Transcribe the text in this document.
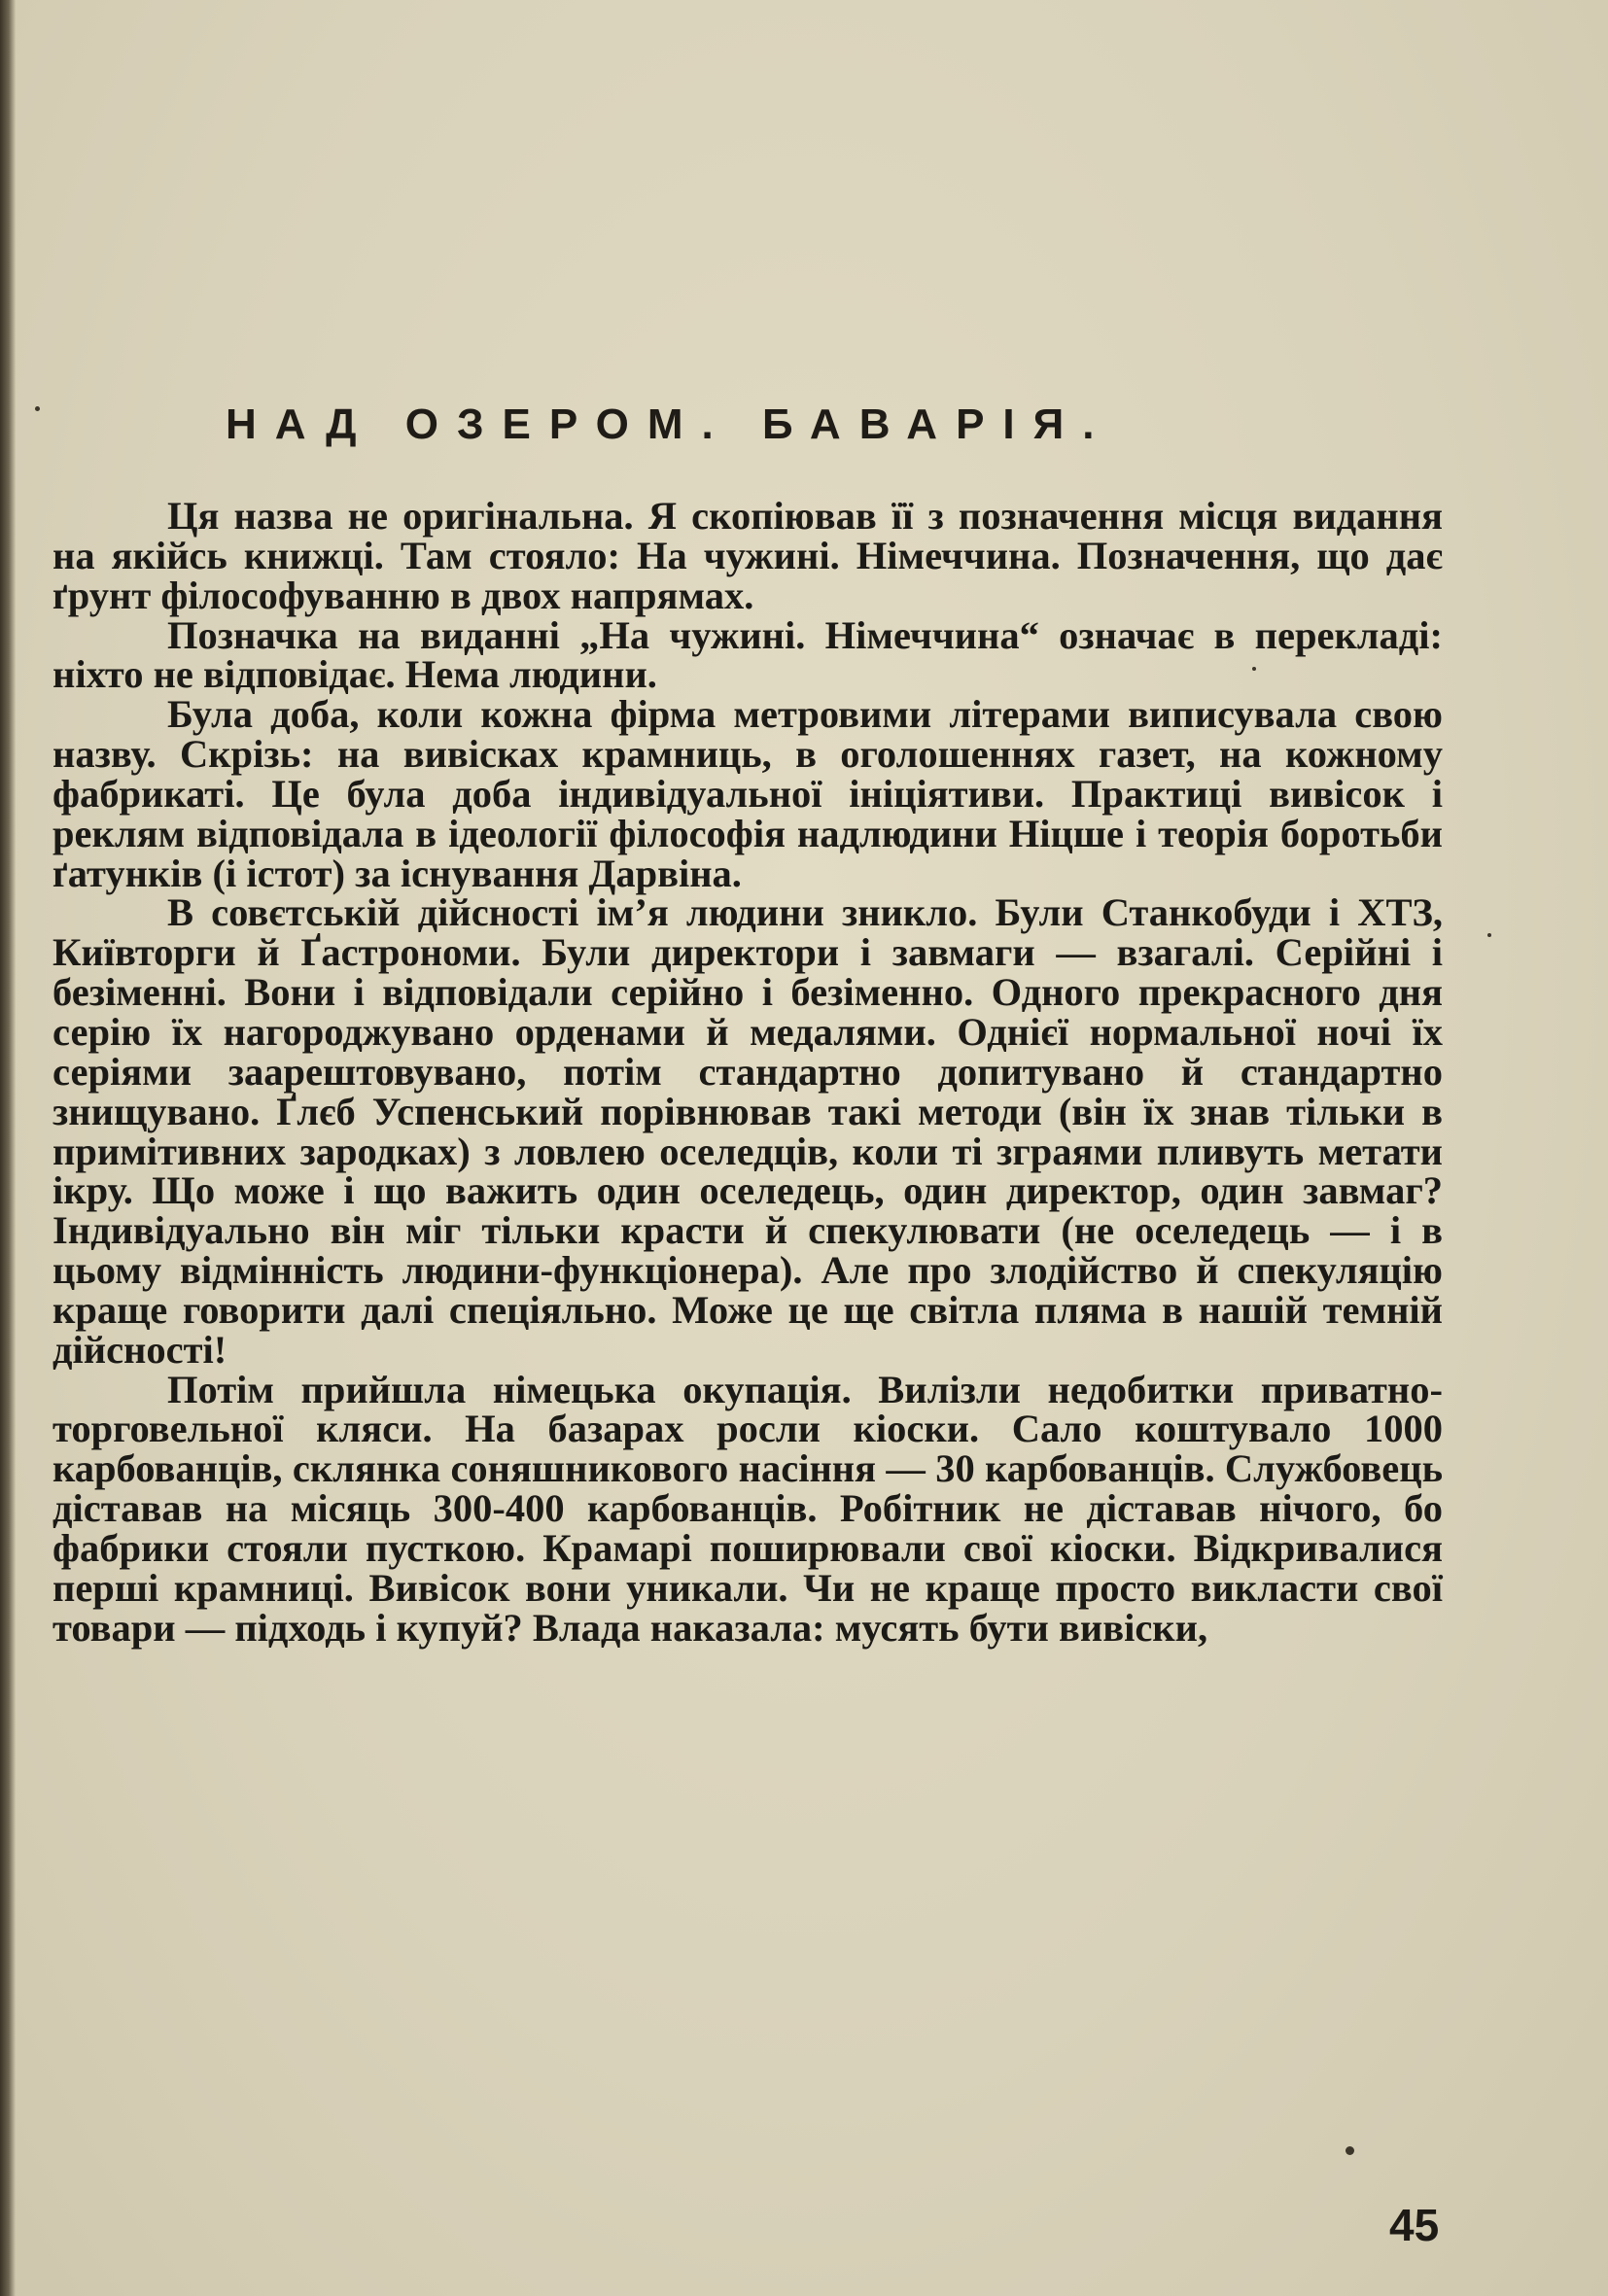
НАД ОЗЕРОМ. БАВАРІЯ.

Ця назва не оригінальна. Я скопіював її з позначення місця видання на якійсь книжці. Там стояло: На чужині. Німеччина. Позначення, що дає ґрунт філософуванню в двох напрямах.

Позначка на виданні „На чужині. Німеччина“ означає в перекладі: ніхто не відповідає. Нема людини.

Була доба, коли кожна фірма метровими літерами виписувала свою назву. Скрізь: на вивісках крамниць, в оголошеннях газет, на кожному фабрикаті. Це була доба індивідуальної ініціятиви. Практиці вивісок і реклям відповідала в ідеології філософія надлюдини Ніцше і теорія боротьби ґатунків (і істот) за існування Дарвіна.

В совєтській дійсності ім’я людини зникло. Були Станкобуди і ХТЗ, Київторги й Ґастрономи. Були директори і завмаги — взагалі. Серійні і безіменні. Вони і відповідали серійно і безіменно. Одного прекрасного дня серію їх нагороджувано орденами й медалями. Однієї нормальної ночі їх серіями заарештовувано, потім стандартно допитувано й стандартно знищувано. Ґлєб Успенський порівнював такі методи (він їх знав тільки в примітивних зародках) з ловлею оселедців, коли ті зграями пливуть метати ікру. Що може і що важить один оселедець, один директор, один завмаг? Індивідуально він міг тільки красти й спекулювати (не оселедець — і в цьому відмінність людини-функціонера). Але про злодійство й спекуляцію краще говорити далі спеціяльно. Може це ще світла пляма в нашій темній дійсності!

Потім прийшла німецька окупація. Вилізли недобитки приватно-торговельної кляси. На базарах росли кіоски. Сало коштувало 1000 карбованців, склянка соняшникового насіння — 30 карбованців. Службовець діставав на місяць 300-400 карбованців. Робітник не діставав нічого, бо фабрики стояли пусткою. Крамарі поширювали свої кіоски. Відкривалися перші крамниці. Вивісок вони уникали. Чи не краще просто викласти свої товари — підходь і купуй? Влада наказала: мусять бути вивіски,

45
